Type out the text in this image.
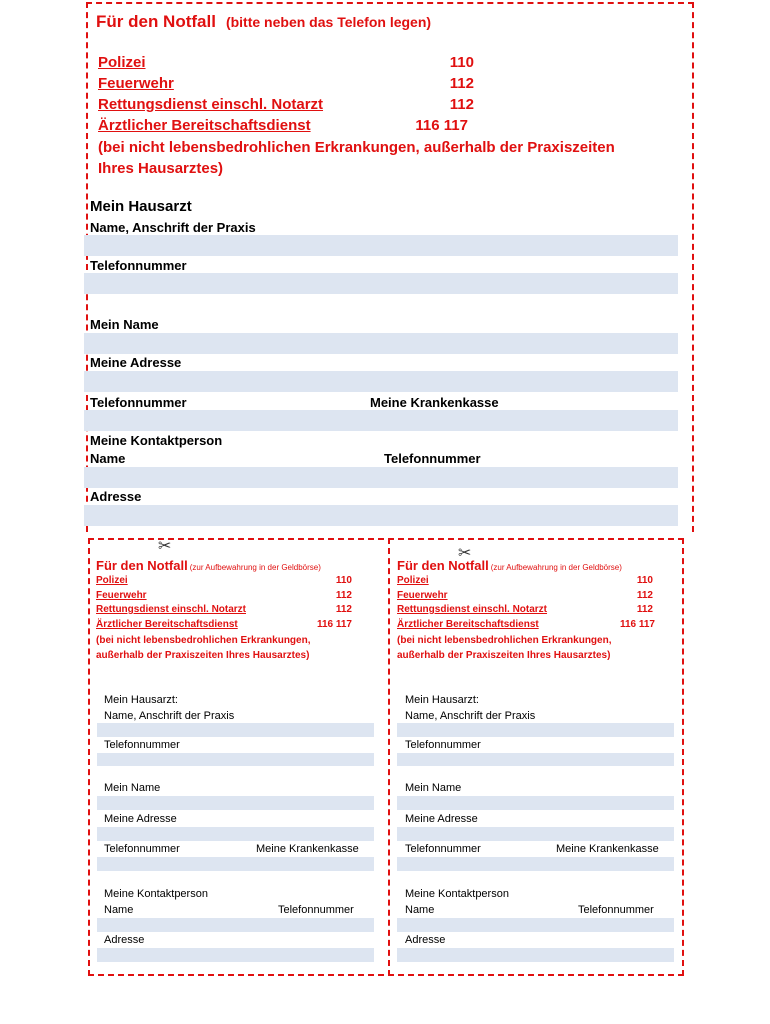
Für den Notfall (bitte neben das Telefon legen)
Polizei	110
Feuerwehr	112
Rettungsdienst einschl. Notarzt	112
Ärztlicher Bereitschaftsdienst	116 117
(bei nicht lebensbedrohlichen Erkrankungen, außerhalb der Praxiszeiten
Ihres Hausarztes)
Mein Hausarzt
Name, Anschrift der Praxis
Telefonnummer
Mein Name
Meine Adresse
Telefonnummer	Meine Krankenkasse
Meine Kontaktperson
Name	Telefonnummer
Adresse
✂
Für den Notfall (zur Aufbewahrung in der Geldbörse)
Polizei	110
Feuerwehr	112
Rettungsdienst einschl. Notarzt	112
Ärztlicher Bereitschaftsdienst	116 117
(bei nicht lebensbedrohlichen Erkrankungen,
außerhalb der Praxiszeiten Ihres Hausarztes)
Mein Hausarzt:
Name, Anschrift der Praxis
Telefonnummer
Mein Name
Meine Adresse
Telefonnummer	Meine Krankenkasse
Meine Kontaktperson
Name	Telefonnummer
Adresse
✂
Für den Notfall (zur Aufbewahrung in der Geldbörse)
Polizei	110
Feuerwehr	112
Rettungsdienst einschl. Notarzt	112
Ärztlicher Bereitschaftsdienst	116 117
(bei nicht lebensbedrohlichen Erkrankungen,
außerhalb der Praxiszeiten Ihres Hausarztes)
Mein Hausarzt:
Name, Anschrift der Praxis
Telefonnummer
Mein Name
Meine Adresse
Telefonnummer	Meine Krankenkasse
Meine Kontaktperson
Name	Telefonnummer
Adresse
